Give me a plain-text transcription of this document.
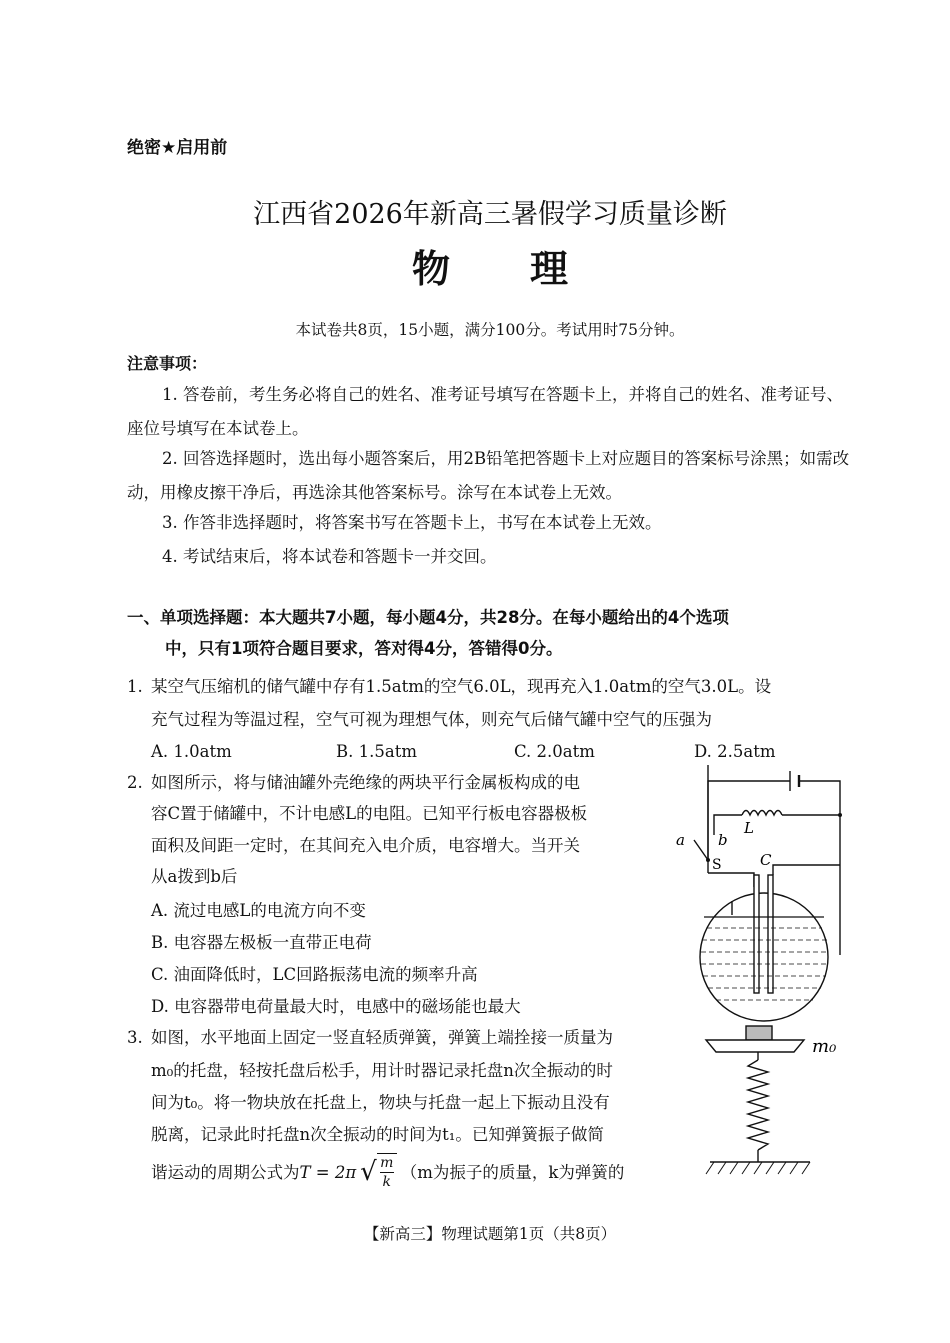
绝密★启用前
江西省2026年新高三暑假学习质量诊断
物理
本试卷共8页，15小题，满分100分。考试用时75分钟。
注意事项：
1. 答卷前，考生务必将自己的姓名、准考证号填写在答题卡上，并将自己的姓名、准考证号、座位号填写在本试卷上。
2. 回答选择题时，选出每小题答案后，用2B铅笔把答题卡上对应题目的答案标号涂黑；如需改动，用橡皮擦干净后，再选涂其他答案标号。涂写在本试卷上无效。
3. 作答非选择题时，将答案书写在答题卡上，书写在本试卷上无效。
4. 考试结束后，将本试卷和答题卡一并交回。
一、单项选择题：本大题共7小题，每小题4分，共28分。在每小题给出的4个选项
中，只有1项符合题目要求，答对得4分，答错得0分。
1. 某空气压缩机的储气罐中存有1.5atm的空气6.0L，现再充入1.0atm的空气3.0L。设
充气过程为等温过程，空气可视为理想气体，则充气后储气罐中空气的压强为
A. 1.0atm	B. 1.5atm	C. 2.0atm	D. 2.5atm
2. 如图所示，将与储油罐外壳绝缘的两块平行金属板构成的电
容C置于储罐中，不计电感L的电阻。已知平行板电容器极板
面积及间距一定时，在其间充入电介质，电容增大。当开关
从a拨到b后
A. 流过电感L的电流方向不变
B. 电容器左极板一直带正电荷
C. 油面降低时，LC回路振荡电流的频率升高
D. 电容器带电荷量最大时，电感中的磁场能也最大
L
C
a b
S
3. 如图，水平地面上固定一竖直轻质弹簧，弹簧上端拴接一质量为
m₀的托盘，轻按托盘后松手，用计时器记录托盘n次全振动的时
间为t₀。将一物块放在托盘上，物块与托盘一起上下振动且没有
脱离，记录此时托盘n次全振动的时间为t₁。已知弹簧振子做简
谐运动的周期公式为 T = 2π √ m
k
（m为振子的质量，k为弹簧的
m₀
【新高三】物理试题第1页（共8页）
